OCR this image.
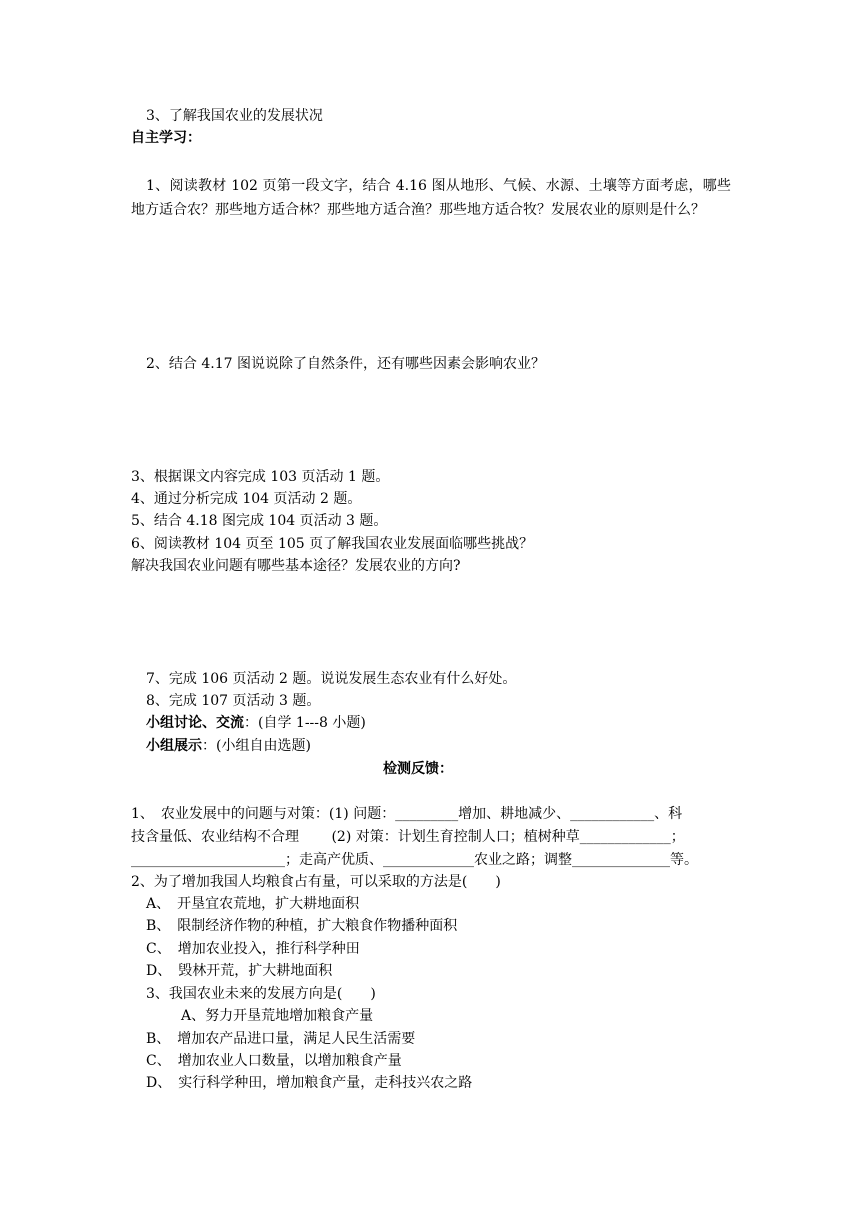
3、了解我国农业的发展状况
自主学习：
1、阅读教材 102 页第一段文字，结合 4.16 图从地形、气候、水源、土壤等方面考虑，哪些地方适合农？那些地方适合林？那些地方适合渔？那些地方适合牧？发展农业的原则是什么？
2、结合 4.17 图说说除了自然条件，还有哪些因素会影响农业？
3、根据课文内容完成 103 页活动 1 题。
4、通过分析完成 104 页活动 2 题。
5、结合 4.18 图完成 104 页活动 3 题。
6、阅读教材 104 页至 105 页了解我国农业发展面临哪些挑战？
解决我国农业问题有哪些基本途径？发展农业的方向?
7、完成 106 页活动 2 题。说说发展生态农业有什么好处。
8、完成 107 页活动 3 题。
小组讨论、交流：(自学 1---8 小题)
小组展示：(小组自由选题)
检测反馈：
1、　农业发展中的问题与对策：(1) 问题：_________增加、耕地减少、____________、科
技含量低、农业结构不合理　　 (2) 对策：计划生育控制人口；植树种草_____________；
______________________；走高产优质、_____________农业之路；调整______________等。
2、为了增加我国人均粮食占有量，可以采取的方法是(　　)
A、　开垦宜农荒地，扩大耕地面积
B、　限制经济作物的种植，扩大粮食作物播种面积
C、　增加农业投入，推行科学种田
D、　毁林开荒，扩大耕地面积
3、我国农业未来的发展方向是(　　)
A、努力开垦荒地增加粮食产量
B、　增加农产品进口量，满足人民生活需要
C、　增加农业人口数量，以增加粮食产量
D、　实行科学种田，增加粮食产量，走科技兴农之路
